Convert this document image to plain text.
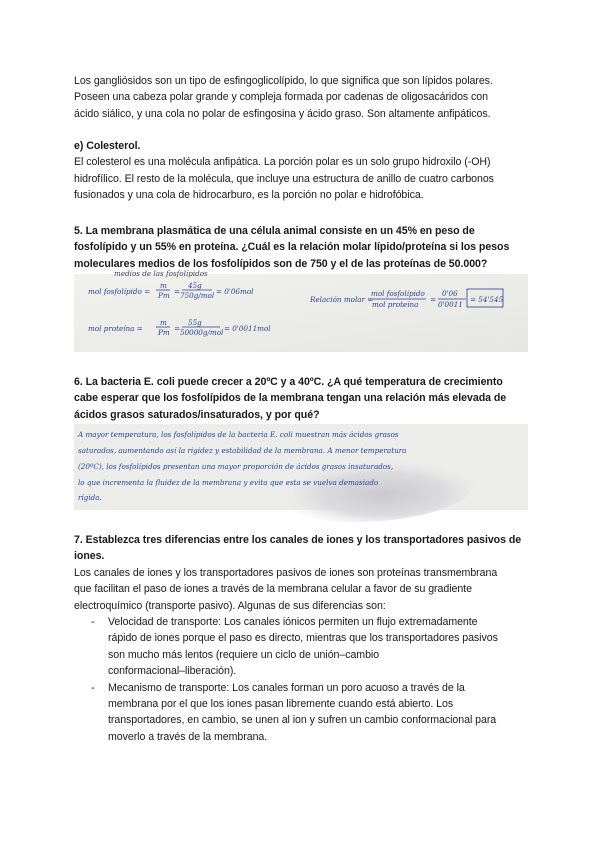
Los gangliósidos son un tipo de esfingoglicolípido, lo que significa que son lípidos polares.

Poseen una cabeza polar grande y compleja formada por cadenas de oligosacáridos con

ácido siálico, y una cola no polar de esfingosina y ácido graso. Son altamente anfipáticos.

e) Colesterol.

El colesterol es una molécula anfipática. La porción polar es un solo grupo hidroxilo (-OH)

hidrofílico. El resto de la molécula, que incluye una estructura de anillo de cuatro carbonos

fusionados y una cola de hidrocarburo, es la porción no polar e hidrofóbica.

5. La membrana plasmática de una célula animal consiste en un 45% en peso de

fosfolípido y un 55% en proteína. ¿Cuál es la relación molar lípido/proteína si los pesos

moleculares medios de los fosfolípidos son de 750 y el de las proteínas de 50.000?

medios de las fosfolípidos
mol fosfolípido =
m
Pm =
45g
750g/mol = 0'06mol
mol proteína =
m
Pm =
55g
50000g/mol = 0'0011mol
Relación molar =
mol fosfolípido
mol proteína
=
0'06
0'0011
= 54'545

6. La bacteria E. coli puede crecer a 20ºC y a 40ºC. ¿A qué temperatura de crecimiento

cabe esperar que los fosfolípidos de la membrana tengan una relación más elevada de

ácidos grasos saturados/insaturados, y por qué?

A mayor temperatura, los fosfolípidos de la bacteria E. coli muestran más ácidos grasos
saturados, aumentando así la rigidez y estabilidad de la membrana. A menor temperatura
(20ºC), los fosfolípidos presentan una mayor proporción de ácidos grasos insaturados,
lo que incrementa la fluidez de la membrana y evita que esta se vuelva demasiado
rígida.

7. Establezca tres diferencias entre los canales de iones y los transportadores pasivos de

iones.

Los canales de iones y los transportadores pasivos de iones son proteínas transmembrana

que facilitan el paso de iones a través de la membrana celular a favor de su gradiente

electroquímico (transporte pasivo). Algunas de sus diferencias son:

- Velocidad de transporte: Los canales iónicos permiten un flujo extremadamente

rápido de iones porque el paso es directo, mientras que los transportadores pasivos

son mucho más lentos (requiere un ciclo de unión–cambio

conformacional–liberación).

- Mecanismo de transporte: Los canales forman un poro acuoso a través de la

membrana por el que los iones pasan libremente cuando está abierto. Los

transportadores, en cambio, se unen al ion y sufren un cambio conformacional para

moverlo a través de la membrana.
